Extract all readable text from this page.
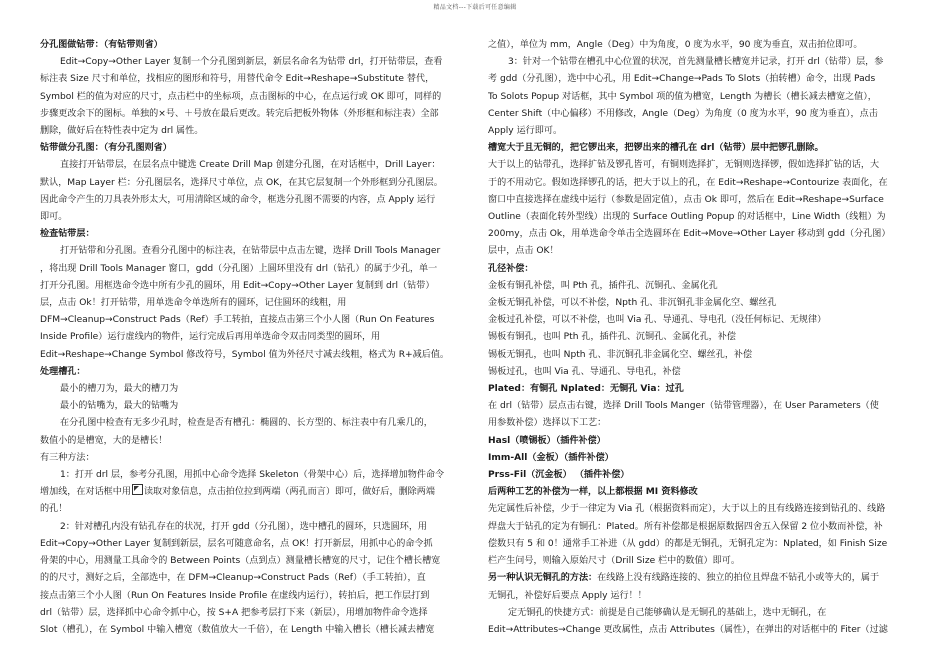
精品文档---下载后可任意编辑

分孔图做钻带：（有钻带则省）

Edit→Copy→Other Layer 复制一个分孔图到新层，新层名命名为钻带 drl，打开钻带层，查看

标注表 Size 尺寸和单位，找相应的图形和符号，用替代命令 Edit→Reshape→Substitute 替代，

Symbol 栏的值为对应的尺寸，点击栏中的坐标项，点击图标的中心，在点运行或 OK 即可，同样的

步骤更改余下的图标。单独的×号、＋号放在最后更改。转完后把板外物体（外形框和标注表）全部

删除，做好后在特性表中定为 drl 属性。

钻带做分孔图：（有分孔图则省）

直接打开钻带层，在层名点中键选 Create Drill Map 创建分孔图，在对话框中，Drill Layer：

默认，Map Layer 栏：分孔图层名，选择尺寸单位，点 OK，在其它层复制一个外形框到分孔图层。

因此命令产生的刀具表外形太大，可用清除区域的命令，框选分孔图不需要的内容，点 Apply 运行

即可。

检查钻带层：

打开钻带和分孔图。查看分孔图中的标注表，在钻带层中点击左键，选择 Drill Tools Manager

，将出现 Drill Tools Manager 窗口，gdd（分孔图）上圆环里没有 drl（钻孔）的属于少孔，单一

打开分孔图。用框选命令选中所有少孔的圆环，用 Edit→Copy→Other Layer 复制到 drl（钻带）

层，点击 Ok！打开钻带，用单选命令单选所有的圆环，记住圆环的线粗，用

DFM→Cleanup→Construct Pads（Ref）手工转拍，直接点击第三个小人图（Run On Features

Inside Profile）运行虚线内的物件，运行完成后再用单选命令双击同类型的圆环，用

Edit→Reshape→Change Symbol 修改符号，Symbol 值为外径尺寸减去线粗，格式为 R+减后值。

处理槽孔：

最小的槽刀为，最大的槽刀为

最小的钻嘴为，最大的钻嘴为

在分孔图中检查有无多少孔时，检查是否有槽孔：椭圆的、长方型的、标注表中有几乘几的，

数值小的是槽宽，大的是槽长！

有三种方法：

1：打开 drl 层，参考分孔图，用抓中心命令选择 Skeleton（骨架中心）后，选择增加物件命令

增加线，在对话框中用 读取对象信息，点击拍位拉到两端（两孔而言）即可，做好后，删除两端

的孔！

2：针对槽孔内没有钻孔存在的状况，打开 gdd（分孔图），选中槽孔的圆环，只选圆环，用

Edit→Copy→Other Layer 复制到新层，层名可随意命名，点 OK！打开新层，用抓中心的命令抓

骨架的中心，用测量工具命令的 Between Points（点到点）测量槽长槽宽的尺寸，记住个槽长槽宽

的的尺寸，测好之后，全部选中，在 DFM→Cleanup→Construct Pads（Ref）（手工转拍），直

接点击第三个小人图（Run On Features Inside Profile 在虚线内运行），转拍后，把工作层打到

drl（钻带）层，选择抓中心命令抓中心，按 S+A 把参考层打下来（新层），用增加物件命令选择

Slot（槽孔），在 Symbol 中输入槽宽（数值放大一千倍），在 Length 中输入槽长（槽长减去槽宽

之值），单位为 mm，Angle（Deg）中为角度，0 度为水平，90 度为垂直，双击拍位即可。

3：针对一个钻带在槽孔中心位置的状况，首先测量槽长槽宽并记录，打开 drl（钻带）层，参

考 gdd（分孔图），选中中心孔，用 Edit→Change→Pads To Slots（拍转槽）命令，出现 Pads

To Solots Popup 对话框，其中 Symbol 项的值为槽宽，Length 为槽长（槽长减去槽宽之值），

Center Shift（中心偏移）不用修改，Angle（Deg）为角度（0 度为水平，90 度为垂直），点击

Apply 运行即可。

槽宽大于且无铜的，把它锣出来，把锣出来的槽孔在 drl（钻带）层中把锣孔删除。

大于以上的钻带孔，选择扩钻及锣孔皆可，有铜则选择扩，无铜则选择锣，假如选择扩钻的话，大

于的不用动它。假如选择锣孔的话，把大于以上的孔，在 Edit→Reshape→Contourize 表面化，在

窗口中直接选择在虚线中运行（参数是固定值），点击 Ok 即可，然后在 Edit→Reshape→Surface

Outline（表面化转外型线）出现的 Surface Outling Popup 的对话框中，Line Width（线粗）为

200my，点击 Ok，用单选命令单击全选圆环在 Edit→Move→Other Layer 移动到 gdd（分孔图）

层中，点击 OK！

孔径补偿：

金板有铜孔补偿，叫 Pth 孔，插件孔、沉铜孔、金属化孔

金板无铜孔补偿，可以不补偿，Npth 孔、非沉铜孔非金属化空、螺丝孔

金板过孔补偿，可以不补偿，也叫 Via 孔、导通孔、导电孔（没任何标记、无规律）

锡板有铜孔，也叫 Pth 孔，插件孔、沉铜孔、金属化孔，补偿

锡板无铜孔，也叫 Npth 孔、非沉铜孔非金属化空、螺丝孔，补偿

锡板过孔，也叫 Via 孔、导通孔、导电孔，补偿

Plated：有铜孔 Nplated：无铜孔 Via：过孔

在 drl（钻带）层点击右键，选择 Drill Tools Manger（钻带管理器），在 User Parameters（使

用参数补偿）选择以下工艺：

Hasl（喷锡板）（插件补偿）

Imm-All（金板）（插件补偿）

Prss-Fil（沉金板） （插件补偿）

后两种工艺的补偿为一样，以上都根据 MI 资料修改

先定属性后补偿，少于一律定为 Via 孔（根据资料而定），大于以上的且有线路连接到钻孔的、线路

焊盘大于钻孔的定为有铜孔：Plated。所有补偿都是根据原数据四舍五入保留 2 位小数而补偿，补

偿数只有 5 和 0！通常手工补进（从 gdd）的都是无铜孔，无铜孔定为：Nplated，如 Finish Size

栏产生问号，则输入原始尺寸（Drill Size 栏中的数值）即可。

另一种认识无铜孔的方法：在线路上没有线路连接的、独立的拍位且焊盘不钻孔小或等大的，属于

无铜孔，补偿好后要点 Apply 运行！！

定无铜孔的快捷方式：前提是自己能够确认是无铜孔的基础上，选中无铜孔，在

Edit→Attributes→Change 更改属性，点击 Attributes（属性），在弹出的对话框中的 Fiter（过滤
